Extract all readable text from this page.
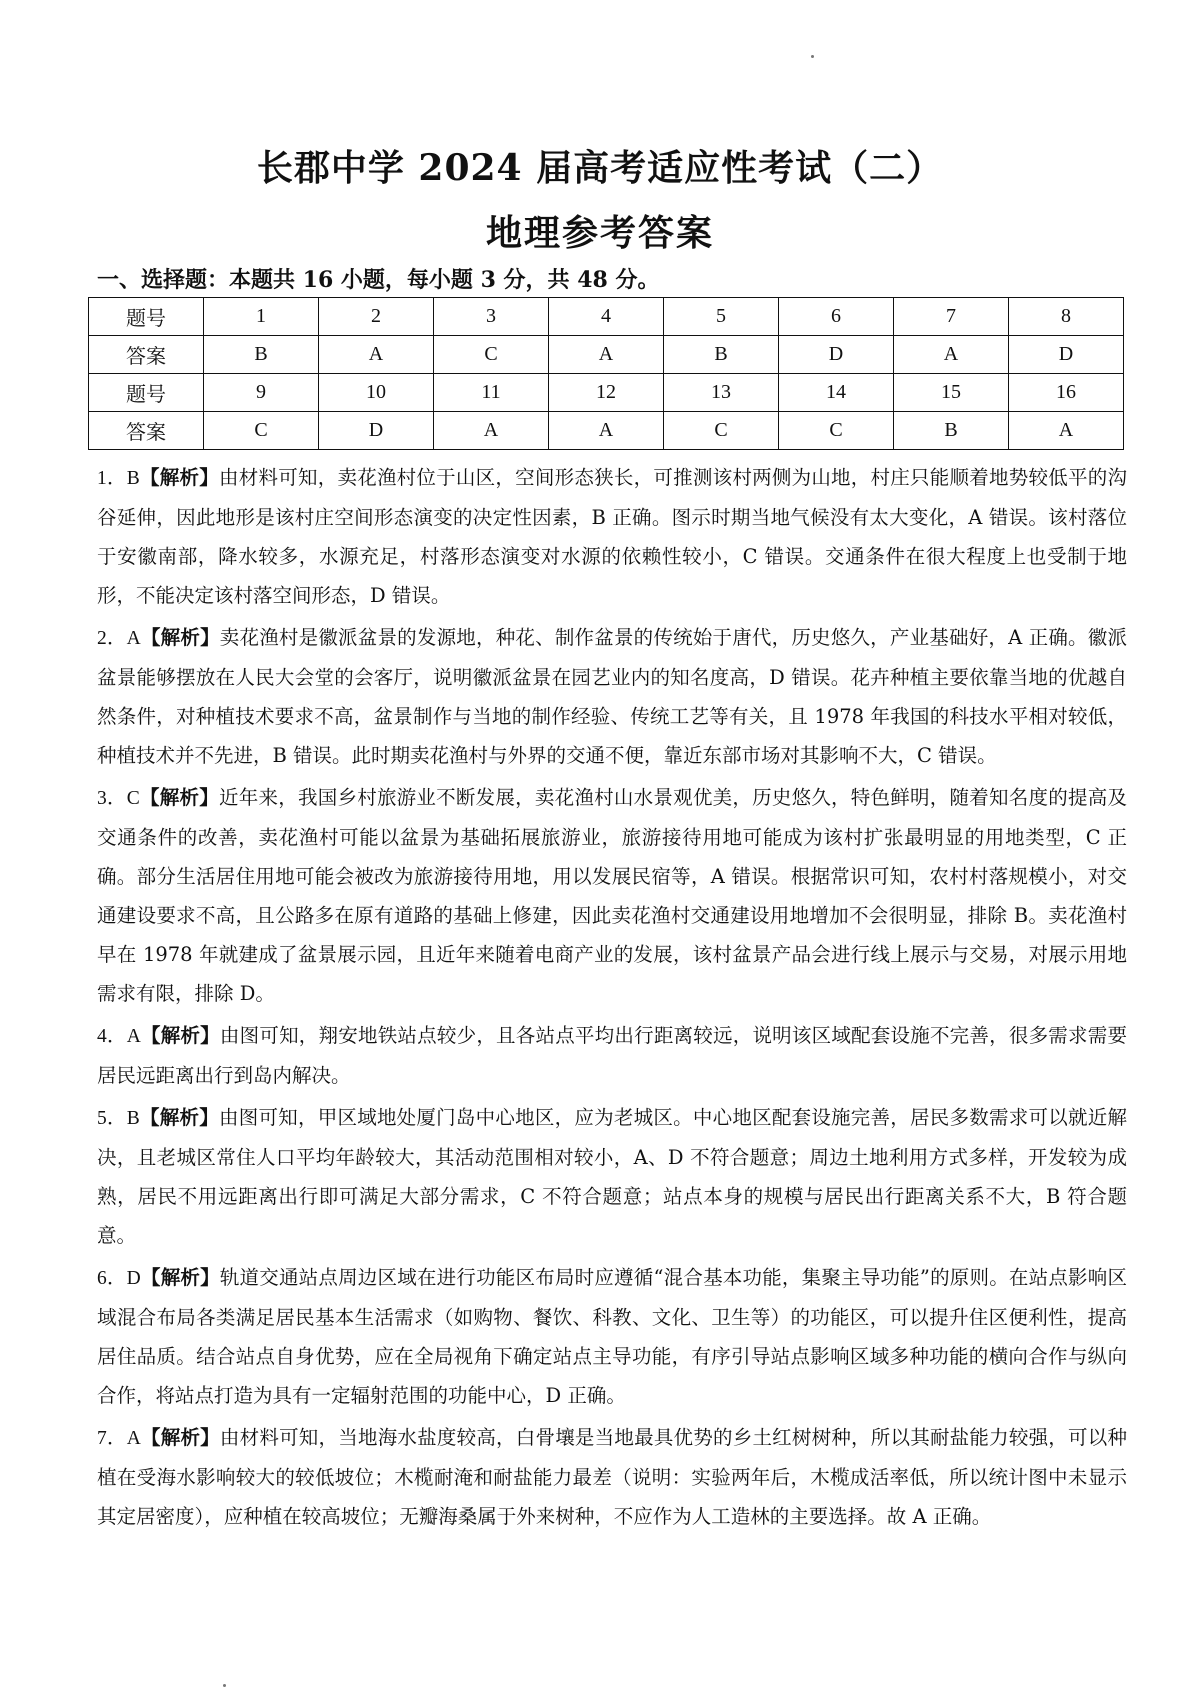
长郡中学 2024 届高考适应性考试（二）
地理参考答案

一、选择题：本题共 16 小题，每小题 3 分，共 48 分。

题号	1	2	3	4	5	6	7	8
答案	B	A	C	A	B	D	A	D
题号	9	10	11	12	13	14	15	16
答案	C	D	A	A	C	C	B	A

1．B【解析】由材料可知，卖花渔村位于山区，空间形态狭长，可推测该村两侧为山地，村庄只能顺着地势较低平的沟谷延伸，因此地形是该村庄空间形态演变的决定性因素，B 正确。图示时期当地气候没有太大变化，A 错误。该村落位于安徽南部，降水较多，水源充足，村落形态演变对水源的依赖性较小，C 错误。交通条件在很大程度上也受制于地形，不能决定该村落空间形态，D 错误。

2．A【解析】卖花渔村是徽派盆景的发源地，种花、制作盆景的传统始于唐代，历史悠久，产业基础好，A 正确。徽派盆景能够摆放在人民大会堂的会客厅，说明徽派盆景在园艺业内的知名度高，D 错误。花卉种植主要依靠当地的优越自然条件，对种植技术要求不高，盆景制作与当地的制作经验、传统工艺等有关，且 1978 年我国的科技水平相对较低，种植技术并不先进，B 错误。此时期卖花渔村与外界的交通不便，靠近东部市场对其影响不大，C 错误。

3．C【解析】近年来，我国乡村旅游业不断发展，卖花渔村山水景观优美，历史悠久，特色鲜明，随着知名度的提高及交通条件的改善，卖花渔村可能以盆景为基础拓展旅游业，旅游接待用地可能成为该村扩张最明显的用地类型，C 正确。部分生活居住用地可能会被改为旅游接待用地，用以发展民宿等，A 错误。根据常识可知，农村村落规模小，对交通建设要求不高，且公路多在原有道路的基础上修建，因此卖花渔村交通建设用地增加不会很明显，排除 B。卖花渔村早在 1978 年就建成了盆景展示园，且近年来随着电商产业的发展，该村盆景产品会进行线上展示与交易，对展示用地需求有限，排除 D。

4．A【解析】由图可知，翔安地铁站点较少，且各站点平均出行距离较远，说明该区域配套设施不完善，很多需求需要居民远距离出行到岛内解决。

5．B【解析】由图可知，甲区域地处厦门岛中心地区，应为老城区。中心地区配套设施完善，居民多数需求可以就近解决，且老城区常住人口平均年龄较大，其活动范围相对较小，A、D 不符合题意；周边土地利用方式多样，开发较为成熟，居民不用远距离出行即可满足大部分需求，C 不符合题意；站点本身的规模与居民出行距离关系不大，B 符合题意。

6．D【解析】轨道交通站点周边区域在进行功能区布局时应遵循“混合基本功能，集聚主导功能”的原则。在站点影响区域混合布局各类满足居民基本生活需求（如购物、餐饮、科教、文化、卫生等）的功能区，可以提升住区便利性，提高居住品质。结合站点自身优势，应在全局视角下确定站点主导功能，有序引导站点影响区域多种功能的横向合作与纵向合作，将站点打造为具有一定辐射范围的功能中心，D 正确。

7．A【解析】由材料可知，当地海水盐度较高，白骨壤是当地最具优势的乡土红树树种，所以其耐盐能力较强，可以种植在受海水影响较大的较低坡位；木榄耐淹和耐盐能力最差（说明：实验两年后，木榄成活率低，所以统计图中未显示其定居密度），应种植在较高坡位；无瓣海桑属于外来树种，不应作为人工造林的主要选择。故 A 正确。
